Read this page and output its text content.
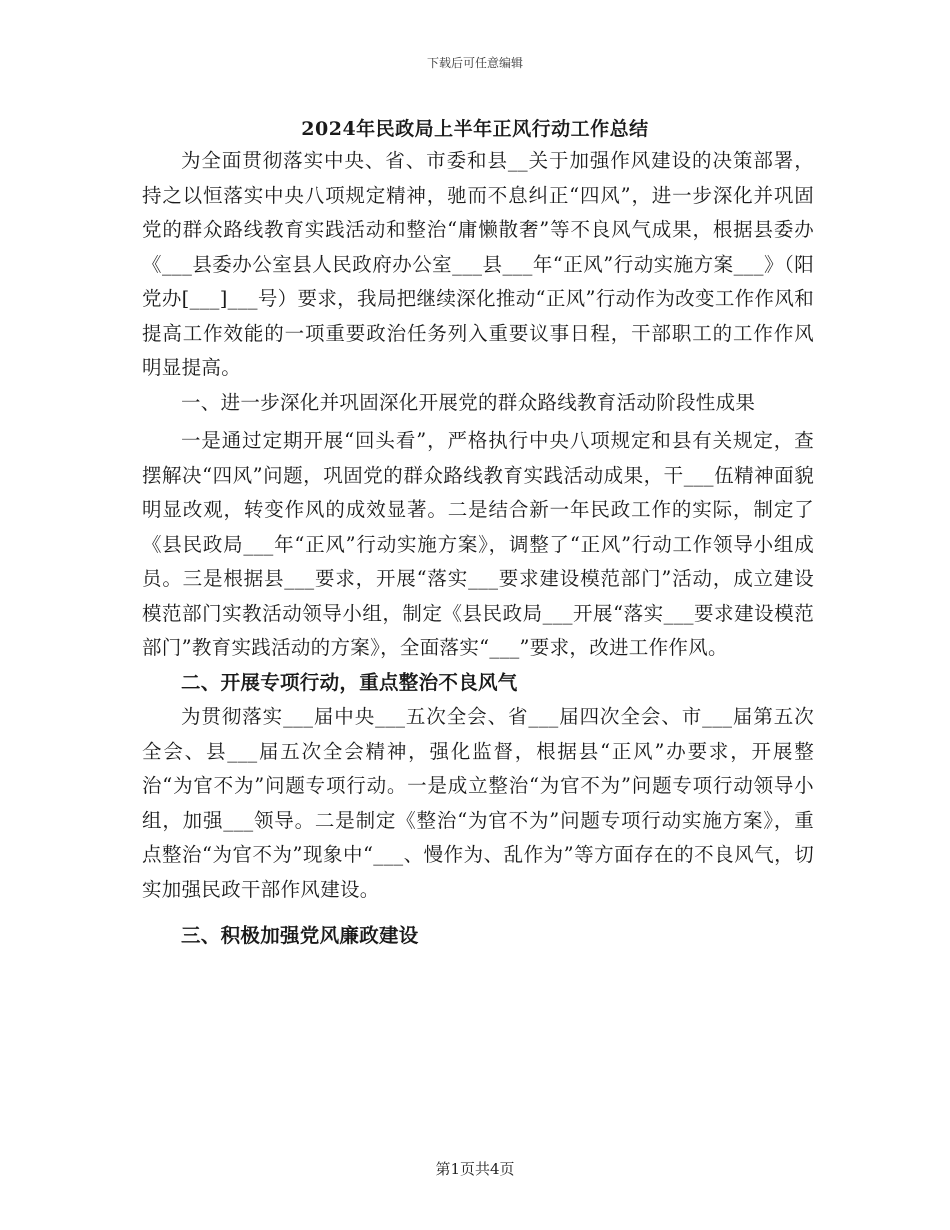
下载后可任意编辑
2024年民政局上半年正风行动工作总结

为全面贯彻落实中央、省、市委和县__关于加强作风建设的决策部署，持之以恒落实中央八项规定精神，驰而不息纠正“四风”，进一步深化并巩固党的群众路线教育实践活动和整治“庸懒散奢”等不良风气成果，根据县委办《___县委办公室县人民政府办公室___县___年“正风”行动实施方案___》（阳党办[___]___号）要求，我局把继续深化推动“正风”行动作为改变工作作风和提高工作效能的一项重要政治任务列入重要议事日程，干部职工的工作作风明显提高。

一、进一步深化并巩固深化开展党的群众路线教育活动阶段性成果

一是通过定期开展“回头看”，严格执行中央八项规定和县有关规定，查摆解决“四风”问题，巩固党的群众路线教育实践活动成果，干___伍精神面貌明显改观，转变作风的成效显著。二是结合新一年民政工作的实际，制定了《县民政局___年“正风”行动实施方案》，调整了“正风”行动工作领导小组成员。三是根据县___要求，开展“落实___要求建设模范部门”活动，成立建设模范部门实教活动领导小组，制定《县民政局___开展“落实___要求建设模范部门”教育实践活动的方案》，全面落实“___”要求，改进工作作风。

二、开展专项行动，重点整治不良风气

为贯彻落实___届中央___五次全会、省___届四次全会、市___届第五次全会、县___届五次全会精神，强化监督，根据县“正风”办要求，开展整治“为官不为”问题专项行动。一是成立整治“为官不为”问题专项行动领导小组，加强___领导。二是制定《整治“为官不为”问题专项行动实施方案》，重点整治“为官不为”现象中“___、慢作为、乱作为”等方面存在的不良风气，切实加强民政干部作风建设。

三、积极加强党风廉政建设

第1页共4页
